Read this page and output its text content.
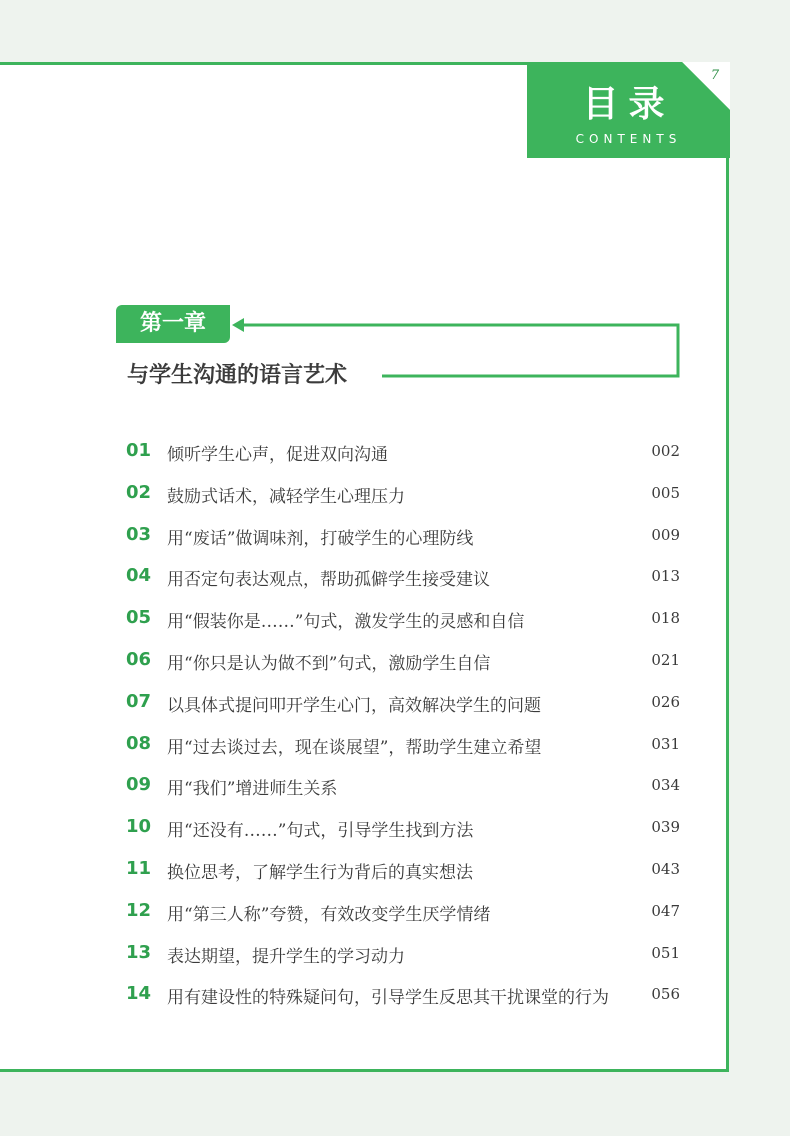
目录
CONTENTS
7
第一章
与学生沟通的语言艺术
01 倾听学生心声，促进双向沟通	002
02 鼓励式话术，减轻学生心理压力	005
03 用“废话”做调味剂，打破学生的心理防线	009
04 用否定句表达观点，帮助孤僻学生接受建议	013
05 用“假装你是……”句式，激发学生的灵感和自信	018
06 用“你只是认为做不到”句式，激励学生自信	021
07 以具体式提问叩开学生心门，高效解决学生的问题	026
08 用“过去谈过去，现在谈展望”，帮助学生建立希望	031
09 用“我们”增进师生关系	034
10 用“还没有……”句式，引导学生找到方法	039
11 换位思考，了解学生行为背后的真实想法	043
12 用“第三人称”夸赞，有效改变学生厌学情绪	047
13 表达期望，提升学生的学习动力	051
14 用有建设性的特殊疑问句，引导学生反思其干扰课堂的行为	056
